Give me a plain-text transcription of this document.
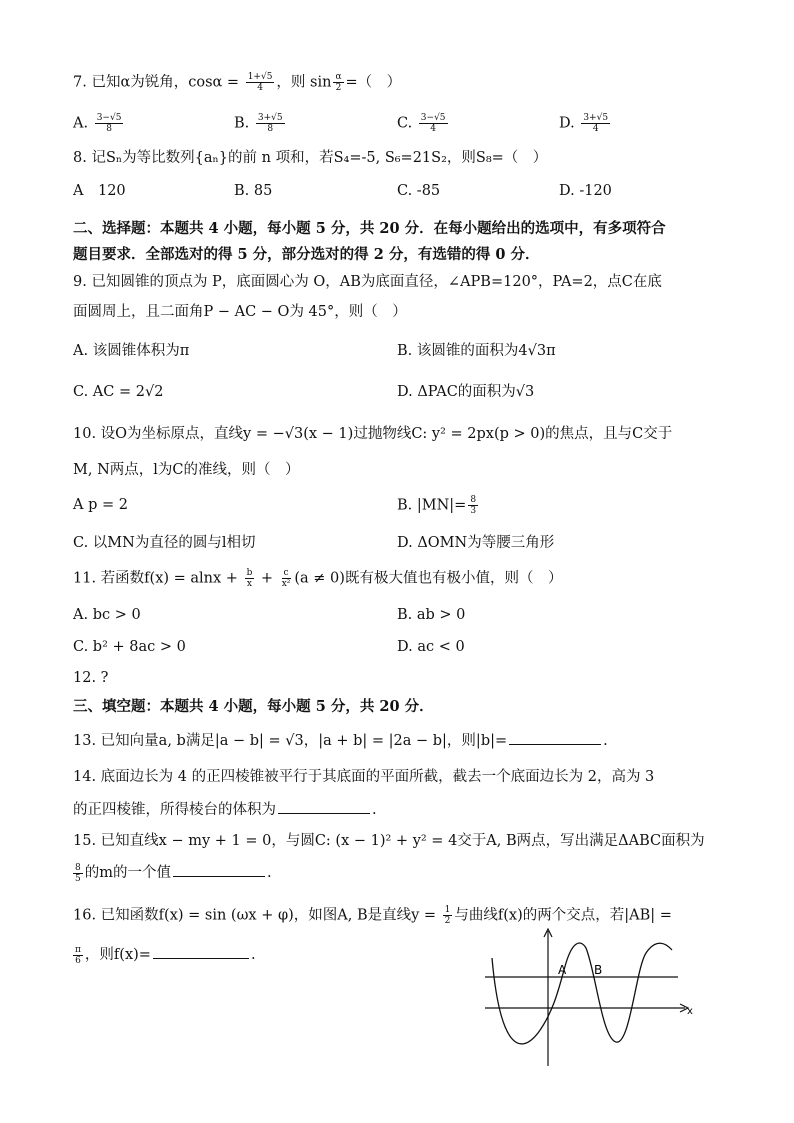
7. 已知α为锐角，$\cos\alpha = \frac{1+√5}{4}$ ，则 $\sin \frac{\alpha}{2}$ =（　）
A. $\frac{3-√5}{8}$	B. $\frac{3+√5}{8}$	C. $\frac{3-√5}{4}$	D. $\frac{3+√5}{4}$
8. 记Sₙ为等比数列{aₙ}的前 n 项和，若S₄=-5, S₆=21S₂，则S₈=（　）
A　120	B. 85	C. -85	D. -120
二、选择题：本题共 4 小题，每小题 5 分，共 20 分．在每小题给出的选项中，有多项符合
题目要求．全部选对的得 5 分，部分选对的得 2 分，有选错的得 0 分．
9. 已知圆锥的顶点为 P，底面圆心为 O，AB为底面直径，∠APB=120°，PA=2，点C在底
面圆周上，且二面角P − AC − O为 45°，则（　）
A. 该圆锥体积为π	B. 该圆锥的面积为4√3π
C. AC = 2√2	D. ΔPAC的面积为√3
10. 设O为坐标原点，直线y = −√3(x − 1)过抛物线C: y² = 2px(p > 0)的焦点，且与C交于
M, N两点，l为C的准线，则（　）
A p = 2	B. $|MN|= \frac{8}{3}$
C. 以MN为直径的圆与l相切	D. ΔOMN为等腰三角形
11. 若函数$f(x) = alnx + \frac{b}{x} + \frac{c}{\text{x²}} (a \ne 0)$既有极大值也有极小值，则（　）
A. bc > 0	B. ab > 0
C. b² + 8ac > 0	D. ac < 0
12. ?
三、填空题：本题共 4 小题，每小题 5 分，共 20 分．
13. 已知向量a, b满足|a − b| = √3，|a + b| = |2a − b|，则|b|=	.
14. 底面边长为 4 的正四棱锥被平行于其底面的平面所截，截去一个底面边长为 2，高为 3
的正四棱锥，所得棱台的体积为	.
15. 已知直线x − my + 1 = 0，与圆C: (x − 1)² + y² = 4交于A, B两点，写出满足ΔABC面积为
$\frac{8}{5}$ 的m的一个值	.
16. 已知函数f(x) = sin (ωx + φ)，如图A, B是直线$y = \frac{1}{2}$ 与曲线f(x)的两个交点，若|AB| =
$\frac{\pi}{6}$ ，则f(x)=	.
x
A B
